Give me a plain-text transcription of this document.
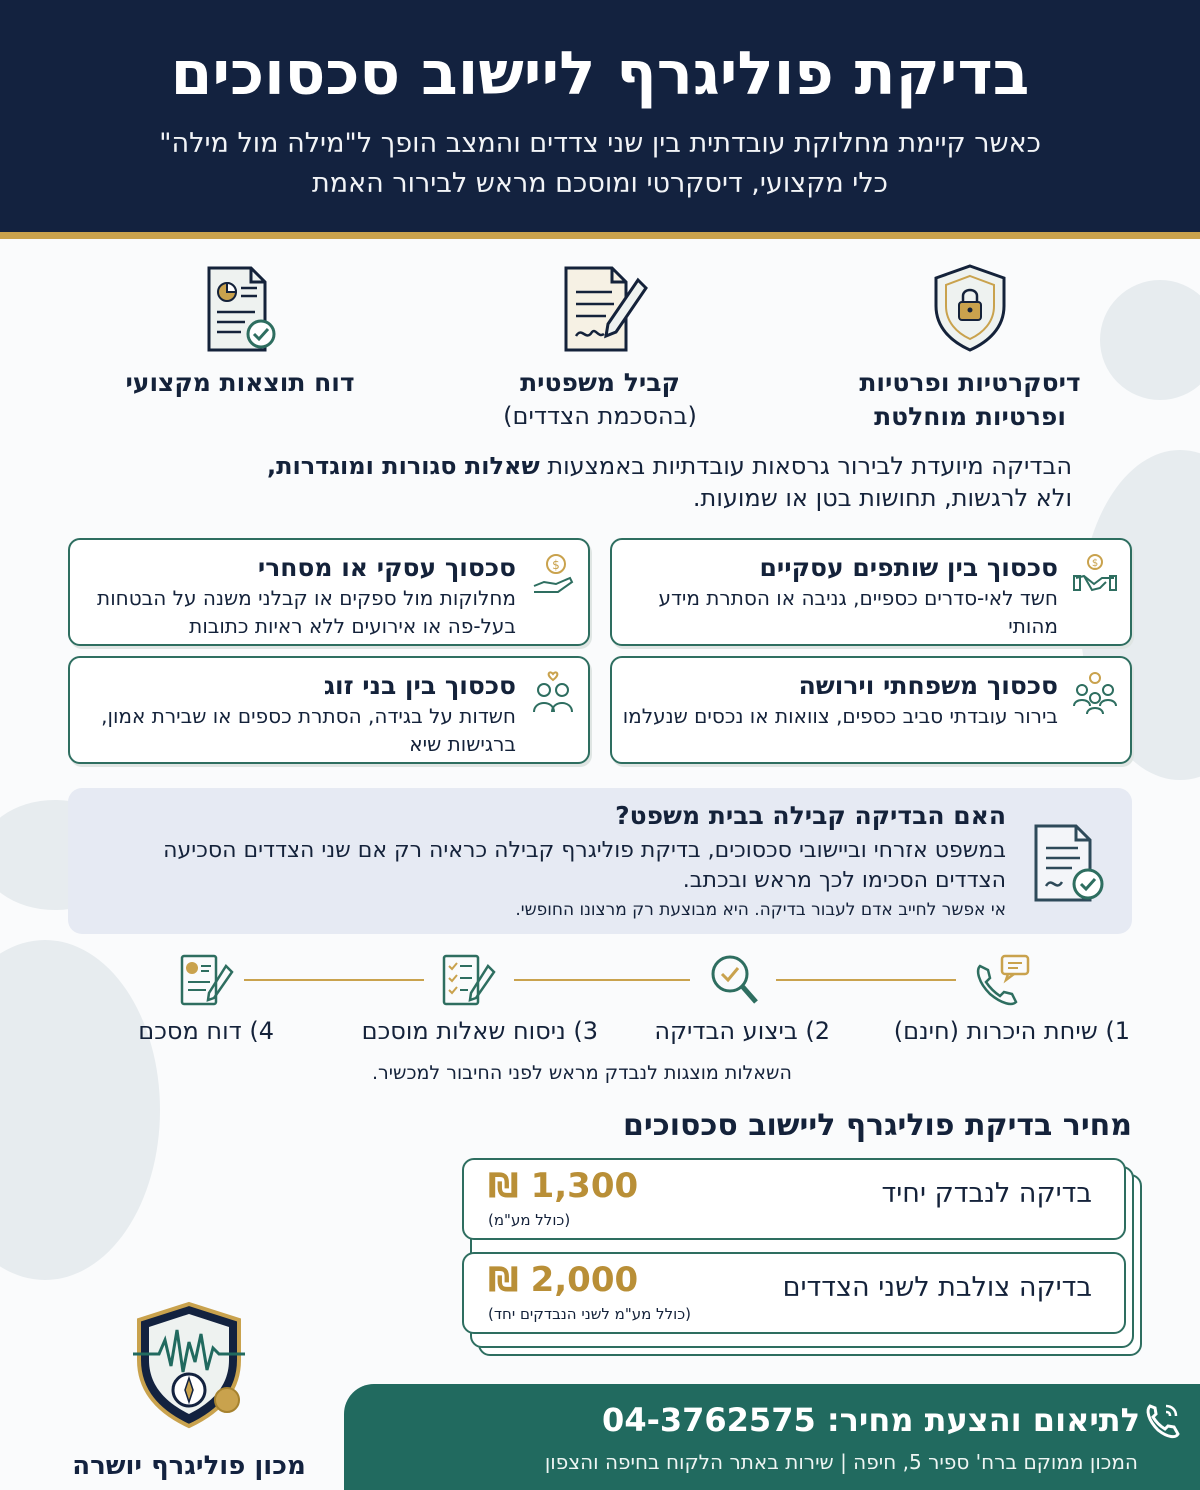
בדיקת פוליגרף ליישוב סכסוכים
כאשר קיימת מחלוקת עובדתית בין שני צדדים והמצב הופך ל"מילה מול מילה"
כלי מקצועי, דיסקרטי ומוסכם מראש לבירור האמת
דיסקרטיות ופרטיות
ופרטיות מוחלטת
קביל משפטית
(בהסכמת הצדדים)
דוח תוצאות מקצועי
הבדיקה מיועדת לבירור גרסאות עובדתיות באמצעות שאלות סגורות ומוגדרות,
ולא לרגשות, תחושות בטן או שמועות.
$
סכסוך בין שותפים עסקיים
חשד לאי-סדרים כספיים, גניבה או הסתרת מידע מהותי
$
סכסוך עסקי או מסחרי
מחלוקות מול ספקים או קבלני משנה על הבטחות בעל-פה או אירועים ללא ראיות כתובות
סכסוך משפחתי וירושה
בירור עובדתי סביב כספים, צוואות או נכסים שנעלמו
סכסוך בין בני זוג
חשדות על בגידה, הסתרת כספים או שבירת אמון, ברגישות שיא
האם הבדיקה קבילה בבית משפט?
במשפט אזרחי וביישובי סכסוכים, בדיקת פוליגרף קבילה כראיה רק אם שני הצדדים הסכיעה הצדדים הסכימו לכך מראש ובכתב.
אי אפשר לחייב אדם לעבור בדיקה. היא מבוצעת רק מרצונו החופשי.
1) שיחת היכרות (חינם)
2) ביצוע הבדיקה
3) ניסוח שאלות מוסכם
4) דוח מסכם
השאלות מוצגות לנבדק מראש לפני החיבור למכשיר.
מחיר בדיקת פוליגרף ליישוב סכסוכים
בדיקה לנבדק יחיד
₪ 1,300
(כולל מע"מ)
בדיקה צולבת לשני הצדדים
₪ 2,000
(כולל מע"מ לשני הנבדקים יחד)
מכון פוליגרף יושרה
לתיאום והצעת מחיר: 04-3762575
המכון ממוקם ברח' ספיר 5, חיפה | שירות באתר הלקוח בחיפה והצפון
